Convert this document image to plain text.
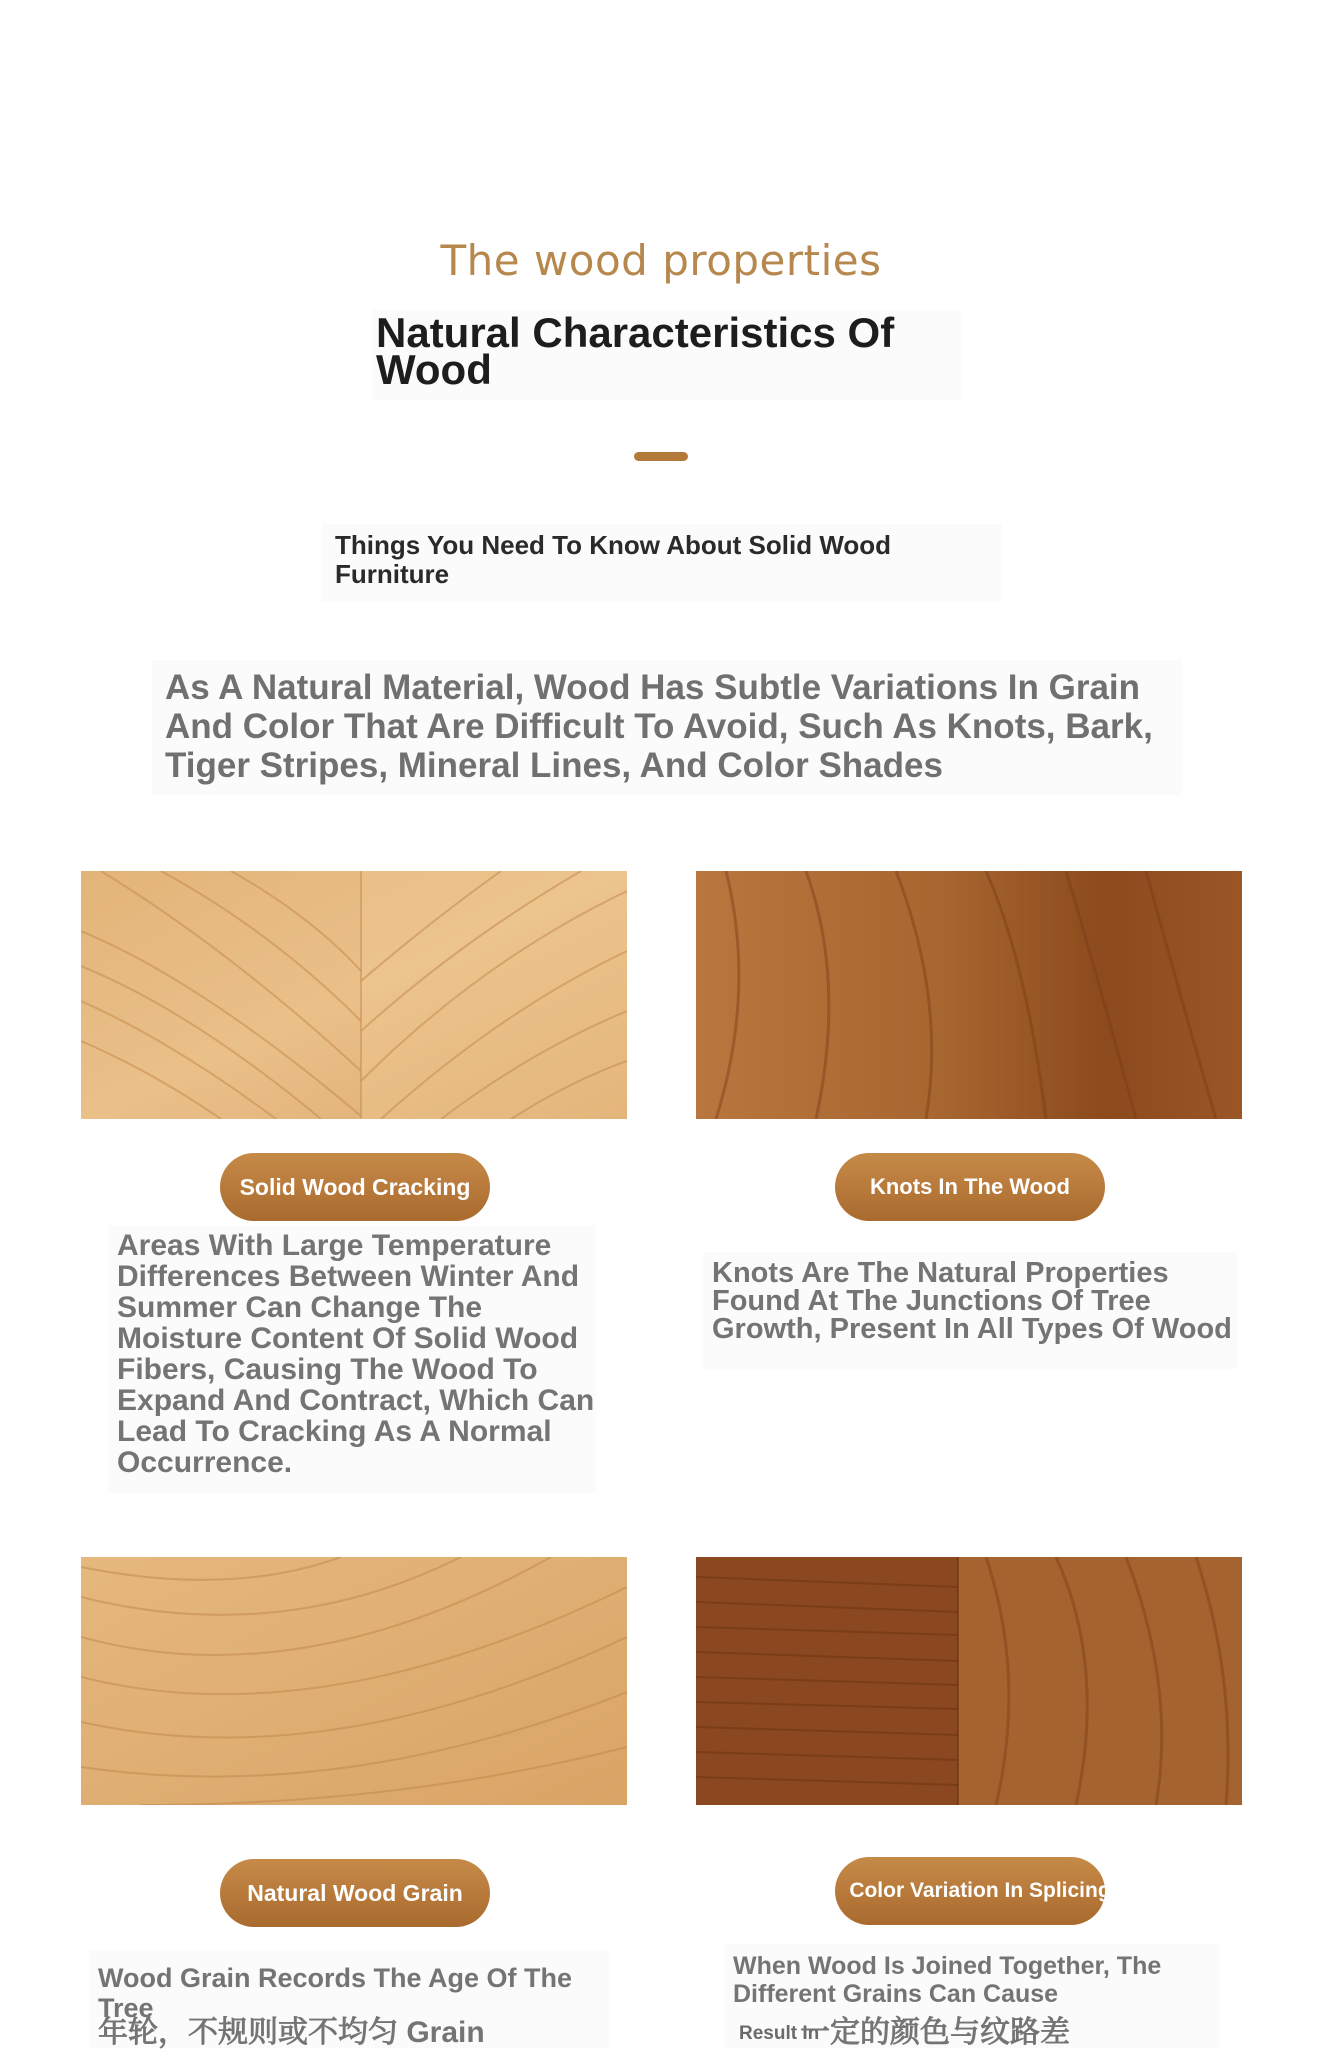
The wood properties
Natural Characteristics Of Wood
Things You Need To Know About Solid Wood Furniture
As A Natural Material, Wood Has Subtle Variations In Grain And Color That Are Difficult To Avoid, Such As Knots, Bark, Tiger Stripes, Mineral Lines, And Color Shades
Solid Wood Cracking
Areas With Large Temperature Differences Between Winter And Summer Can Change The Moisture Content Of Solid Wood Fibers, Causing The Wood To Expand And Contract, Which Can Lead To Cracking As A Normal Occurrence.
Knots In The Wood
Knots Are The Natural Properties Found At The Junctions Of Tree Growth, Present In All Types Of Wood
Natural Wood Grain
Wood Grain Records The Age Of The Tree
年轮，不规则或不均匀 Grain
Color Variation In Splicing
When Wood Is Joined Together, The Different Grains Can Cause
Result In
一定的颜色与纹路差
